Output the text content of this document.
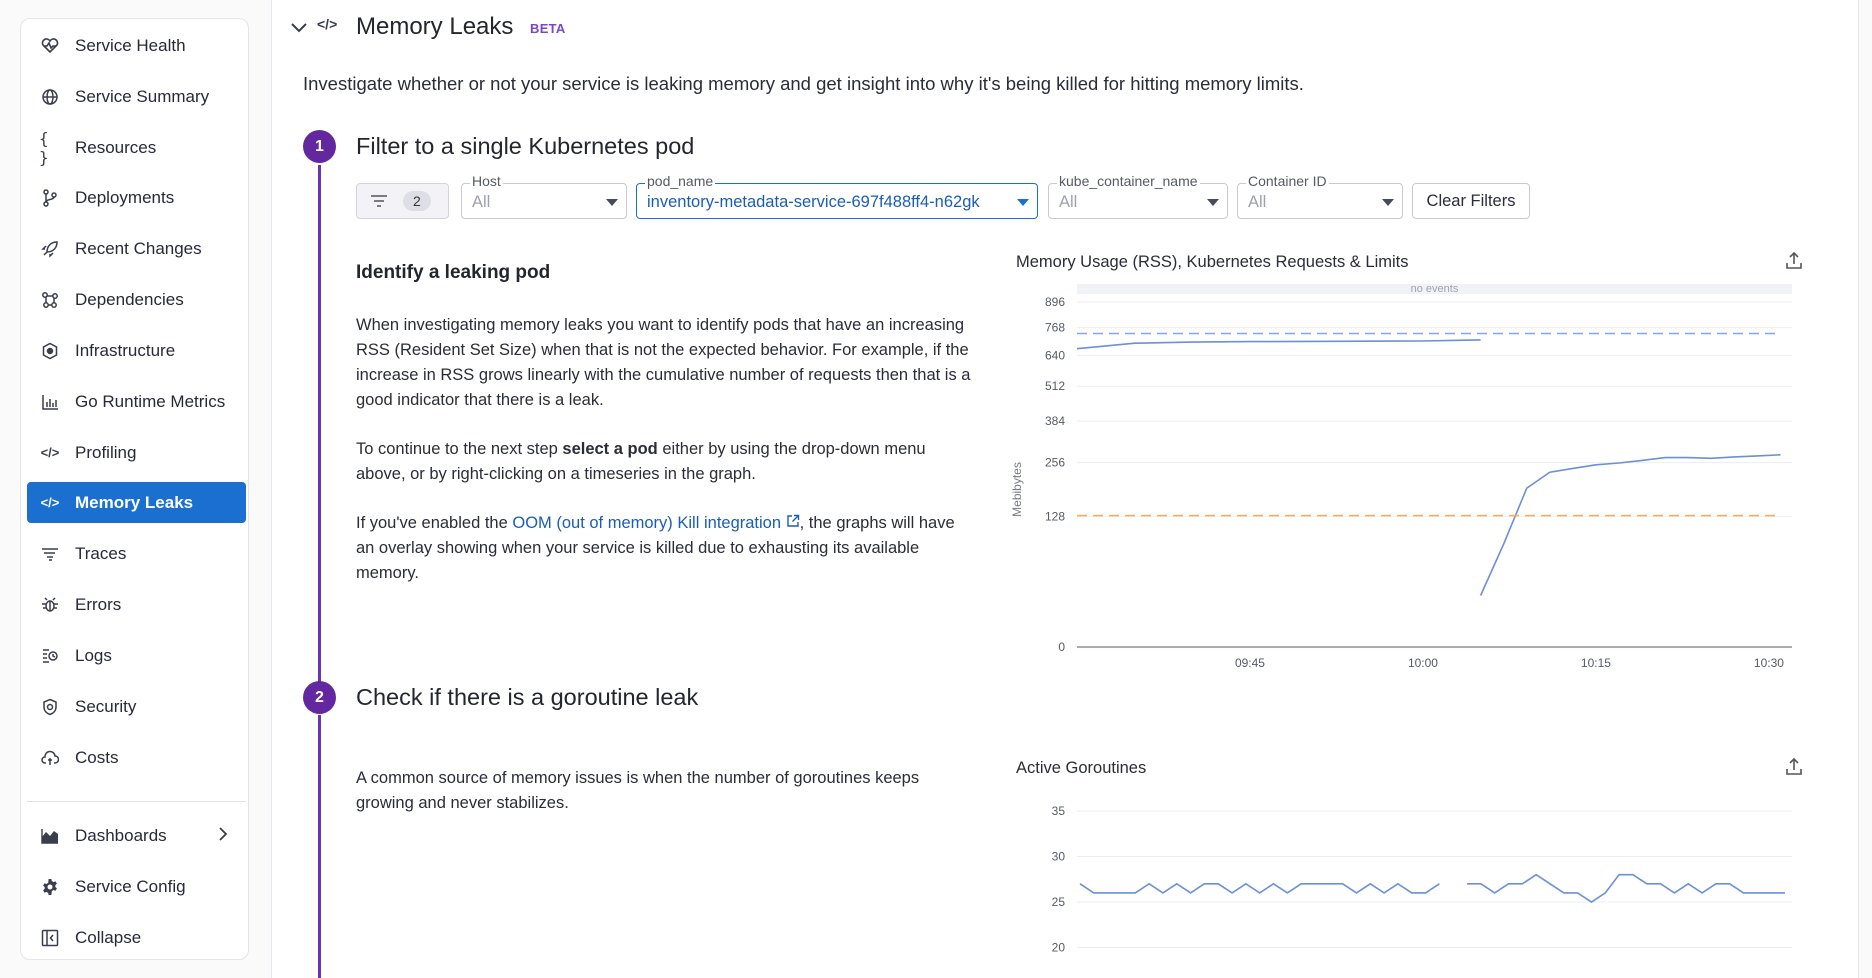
Service Health
Service Summary
{ }
Resources
Deployments
Recent Changes
Dependencies
Infrastructure
Go Runtime Metrics
</> Profiling
</> Memory Leaks
Traces
Errors
Logs
Security
Costs
Dashboards
Service Config
Collapse
</> Memory Leaks BETA
Investigate whether or not your service is leaking memory and get insight into why it's being killed for hitting memory limits.
1	Filter to a single Kubernetes pod
2
Host
All
pod_name
inventory-metadata-service-697f488ff4-n62gk
kube_container_name
All
Container ID
All	Clear Filters
Identify a leaking pod
When investigating memory leaks you want to identify pods that have an increasing RSS (Resident Set Size) when that is not the expected behavior. For example, if the increase in RSS grows linearly with the cumulative number of requests then that is a good indicator that there is a leak.
To continue to the next step select a pod either by using the drop-down menu above, or by right-clicking on a timeseries in the graph.
If you've enabled the OOM (out of memory) Kill integration , the graphs will have an overlay showing when your service is killed due to exhausting its available memory.
Memory Usage (RSS), Kubernetes Requests & Limits
no events
0
128
256
384
512
640
768
896
09:45	10:00	10:15	10:30
Mebibytes
2	Check if there is a goroutine leak
A common source of memory issues is when the number of goroutines keeps growing and never stabilizes.
Active Goroutines
20
25
30
35
